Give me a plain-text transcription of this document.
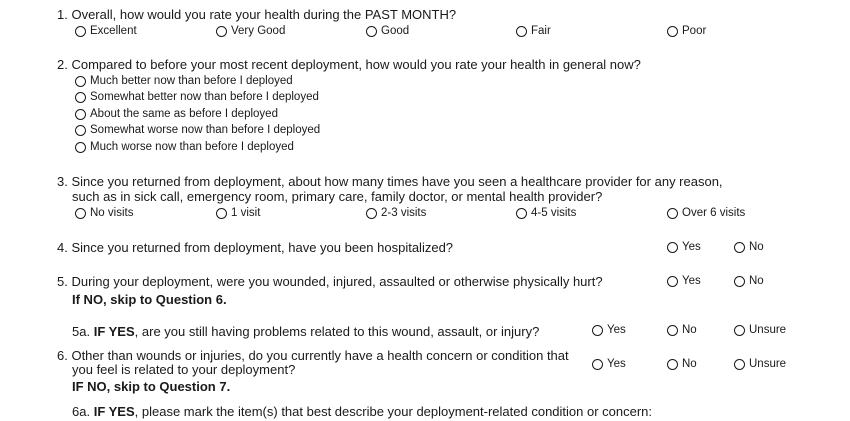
1. Overall, how would you rate your health during the PAST MONTH?
Excellent	Very Good	Good	Fair	Poor
2. Compared to before your most recent deployment, how would you rate your health in general now?
Much better now than before I deployed
Somewhat better now than before I deployed
About the same as before I deployed
Somewhat worse now than before I deployed
Much worse now than before I deployed
3. Since you returned from deployment, about how many times have you seen a healthcare provider for any reason,
such as in sick call, emergency room, primary care, family doctor, or mental health provider?
No visits	1 visit	2-3 visits	4-5 visits	Over 6 visits
4. Since you returned from deployment, have you been hospitalized?	Yes	No
5. During your deployment, were you wounded, injured, assaulted or otherwise physically hurt?
If NO, skip to Question 6.
Yes	No
5a. IF YES, are you still having problems related to this wound, assault, or injury?	Yes	No	Unsure
6. Other than wounds or injuries, do you currently have a health concern or condition that
you feel is related to your deployment?
IF NO, skip to Question 7.
Yes	No	Unsure
6a. IF YES, please mark the item(s) that best describe your deployment-related condition or concern:
